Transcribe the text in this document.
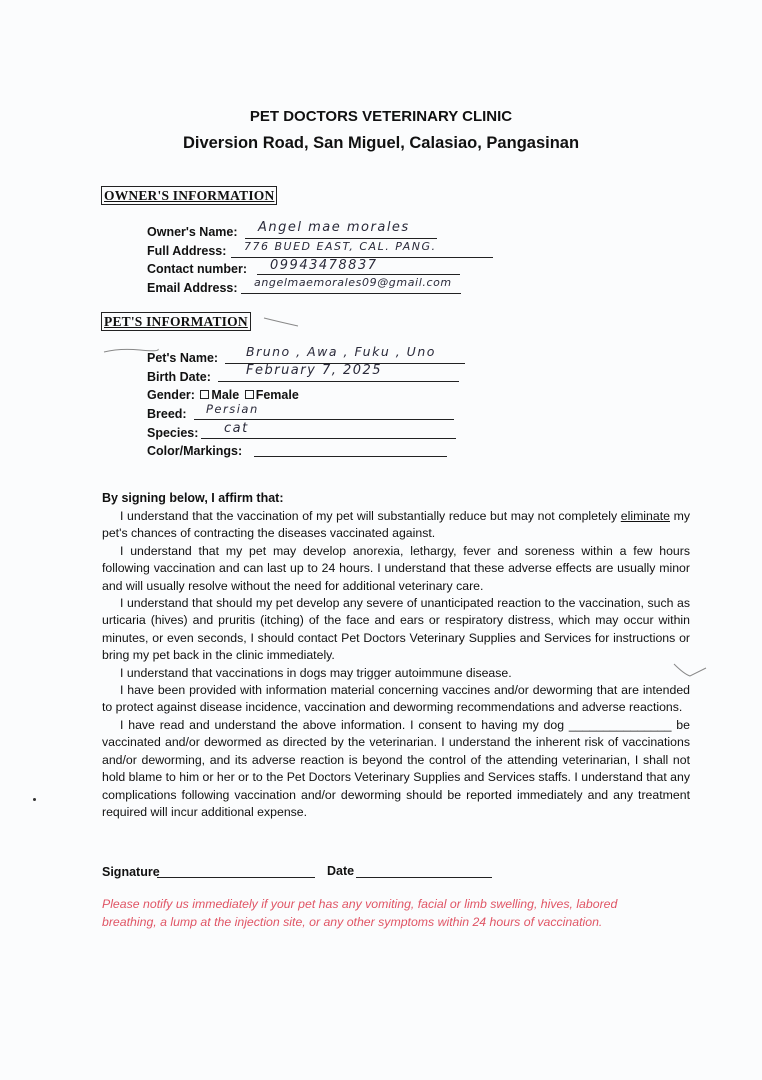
PET DOCTORS VETERINARY CLINIC
Diversion Road, San Miguel, Calasiao, Pangasinan
OWNER'S INFORMATION
Owner's Name: Angel mae morales
Full Address: 776 BUED EAST, CAL. PANG.
Contact number: 09943478837
Email Address: angelmaemorales09@gmail.com
PET'S INFORMATION
Pet's Name: Bruno , Awa , Fuku , Uno
Birth Date:	February 7, 2025
Gender: Male Female
Breed: Persian
Species: cat
Color/Markings:
By signing below, I affirm that:

I understand that the vaccination of my pet will substantially reduce but may not completely eliminate my pet's chances of contracting the diseases vaccinated against.

I understand that my pet may develop anorexia, lethargy, fever and soreness within a few hours following vaccination and can last up to 24 hours. I understand that these adverse effects are usually minor and will usually resolve without the need for additional veterinary care.

I understand that should my pet develop any severe of unanticipated reaction to the vaccination, such as urticaria (hives) and pruritis (itching) of the face and ears or respiratory distress, which may occur within minutes, or even seconds, I should contact Pet Doctors Veterinary Supplies and Services for instructions or bring my pet back in the clinic immediately.

I understand that vaccinations in dogs may trigger autoimmune disease.

I have been provided with information material concerning vaccines and/or deworming that are intended to protect against disease incidence, vaccination and deworming recommendations and adverse reactions.

I have read and understand the above information. I consent to having my dog _______________ be vaccinated and/or dewormed as directed by the veterinarian. I understand the inherent risk of vaccinations and/or deworming, and its adverse reaction is beyond the control of the attending veterinarian, I shall not hold blame to him or her or to the Pet Doctors Veterinary Supplies and Services staffs. I understand that any complications following vaccination and/or deworming should be reported immediately and any treatment required will incur additional expense.

Signature	Date
Please notify us immediately if your pet has any vomiting, facial or limb swelling, hives, labored breathing, a lump at the injection site, or any other symptoms within 24 hours of vaccination.
